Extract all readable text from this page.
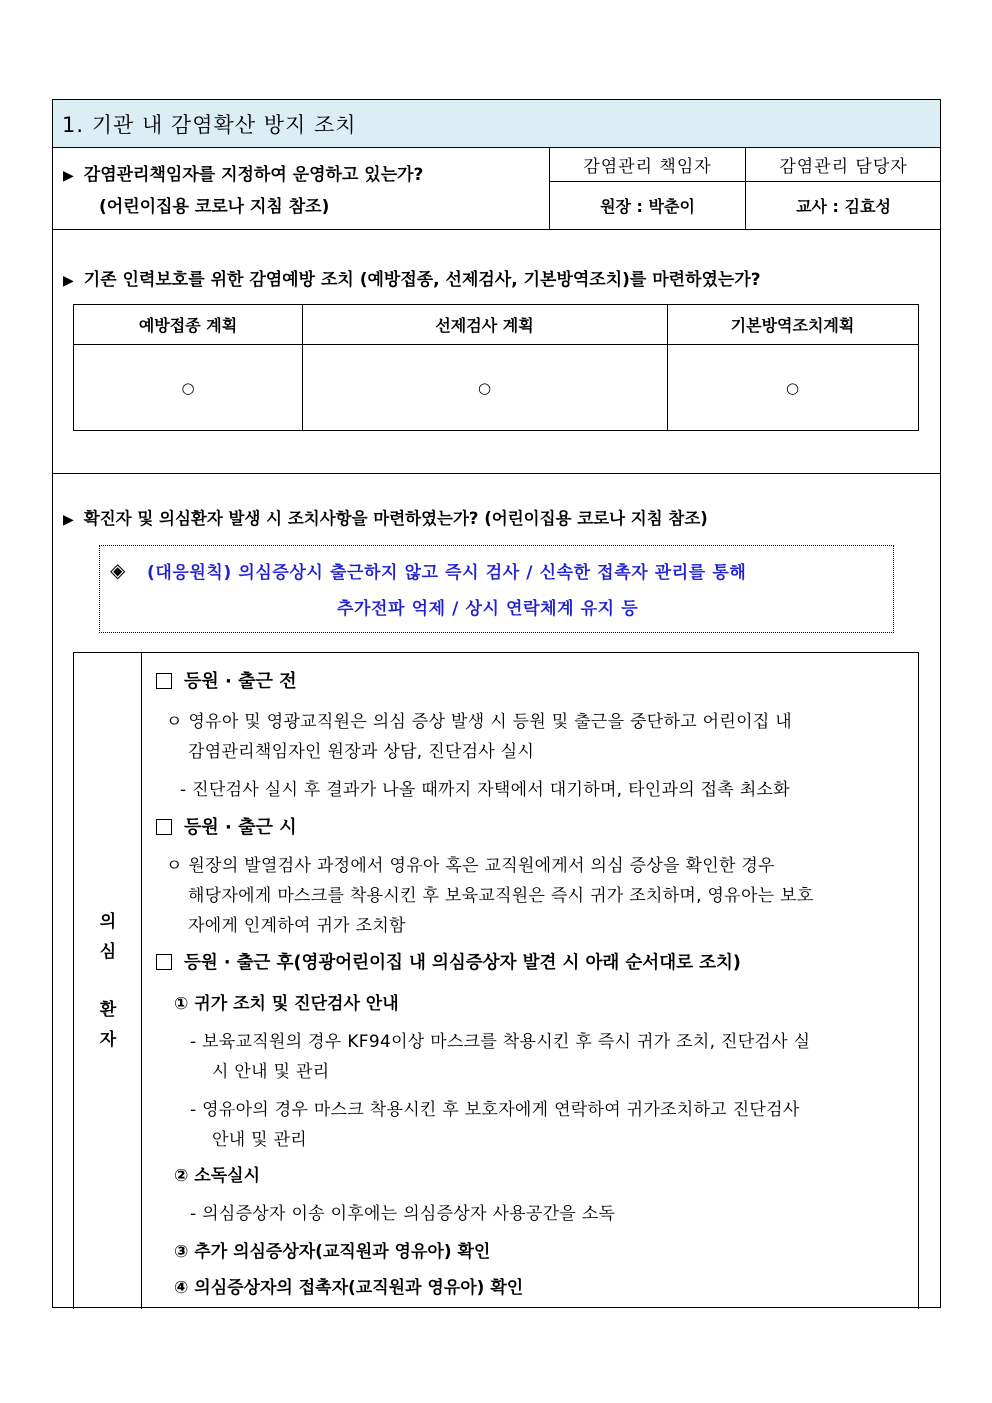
1. 기관 내 감염확산 방지 조치
▶ 감염관리책임자를 지정하여 운영하고 있는가?
(어린이집용 코로나 지침 참조)
감염관리 책임자	감염관리 담당자
원장 : 박춘이	교사 : 김효성
▶ 기존 인력보호를 위한 감염예방 조치 (예방접종, 선제검사, 기본방역조치)를 마련하였는가?
예방접종 계획	선제검사 계획	기본방역조치계획
○	○	○
▶ 확진자 및 의심환자 발생 시 조치사항을 마련하였는가? (어린이집용 코로나 지침 참조)
◈ (대응원칙) 의심증상시 출근하지 않고 즉시 검사 / 신속한 접촉자 관리를 통해
추가전파 억제 / 상시 연락체계 유지 등
의
심
환
자
등원 · 출근 전
ㅇ 영유아 및 영광교직원은 의심 증상 발생 시 등원 및 출근을 중단하고 어린이집 내
감염관리책임자인 원장과 상담, 진단검사 실시
- 진단검사 실시 후 결과가 나올 때까지 자택에서 대기하며, 타인과의 접촉 최소화
등원 · 출근 시
ㅇ 원장의 발열검사 과정에서 영유아 혹은 교직원에게서 의심 증상을 확인한 경우
해당자에게 마스크를 착용시킨 후 보육교직원은 즉시 귀가 조치하며, 영유아는 보호
자에게 인계하여 귀가 조치함
등원 · 출근 후(영광어린이집 내 의심증상자 발견 시 아래 순서대로 조치)
① 귀가 조치 및 진단검사 안내
- 보육교직원의 경우 KF94이상 마스크를 착용시킨 후 즉시 귀가 조치, 진단검사 실
시 안내 및 관리
- 영유아의 경우 마스크 착용시킨 후 보호자에게 연락하여 귀가조치하고 진단검사
안내 및 관리
② 소독실시
- 의심증상자 이송 이후에는 의심증상자 사용공간을 소독
③ 추가 의심증상자(교직원과 영유아) 확인
④ 의심증상자의 접촉자(교직원과 영유아) 확인
